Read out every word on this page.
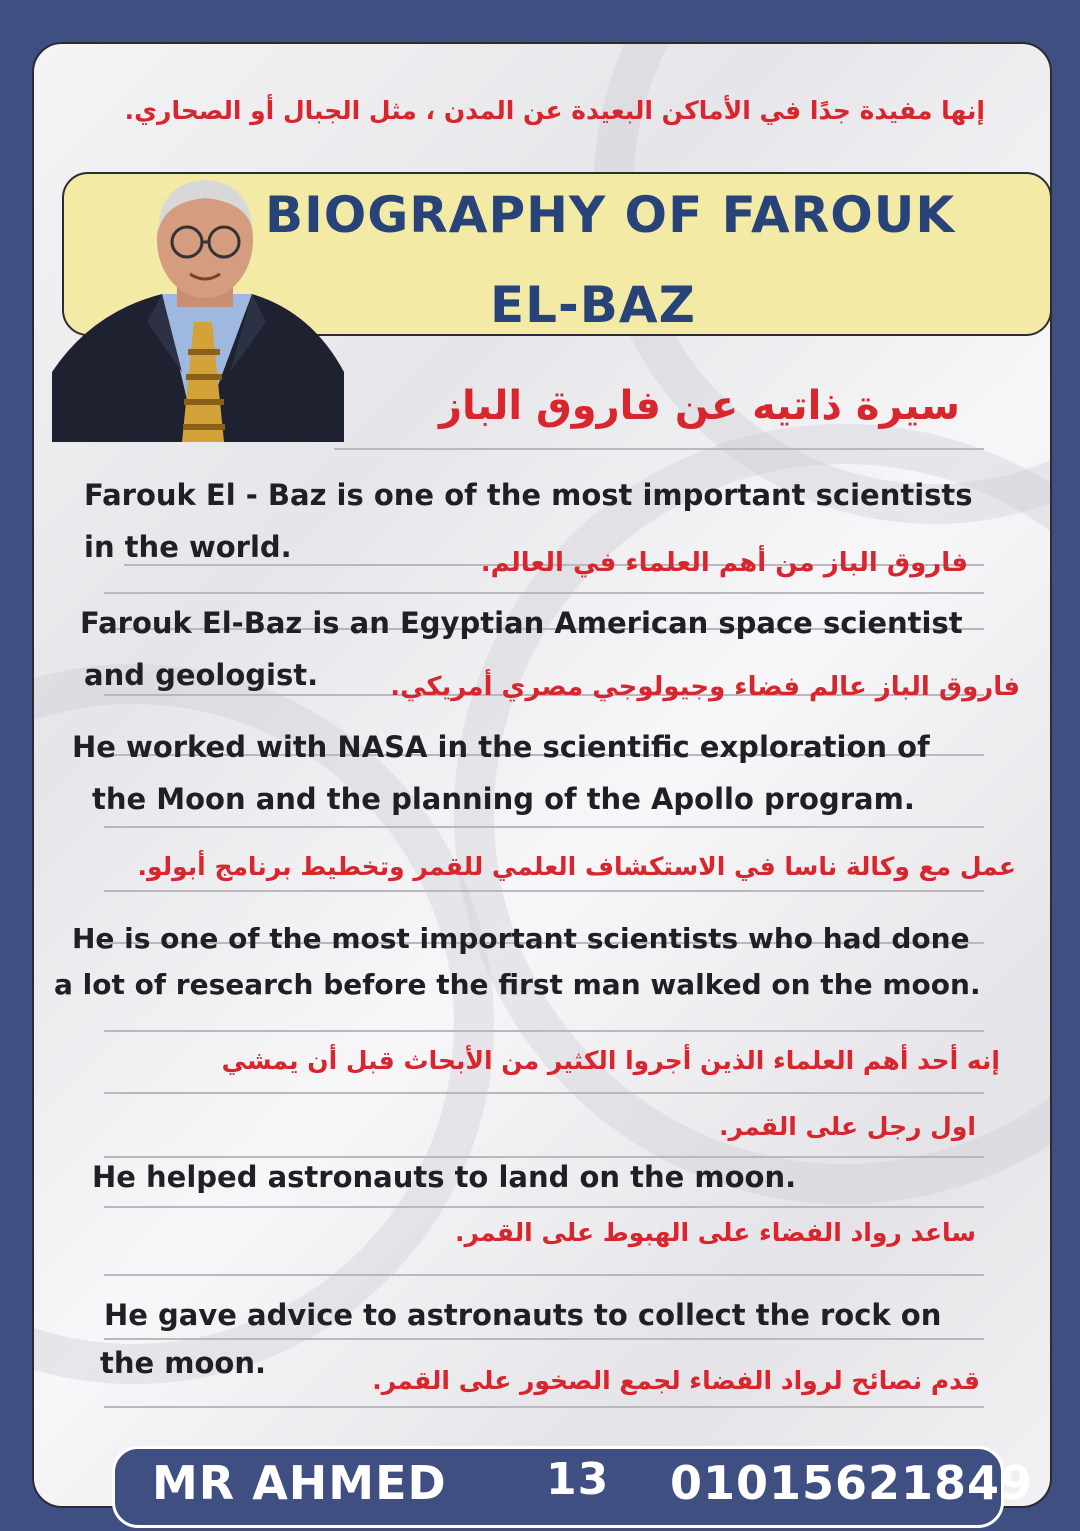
إنها مفيدة جدًا في الأماكن البعيدة عن المدن ، مثل الجبال أو الصحاري.
BIOGRAPHY OF FAROUK
EL-BAZ
سيرة ذاتيه عن فاروق الباز
Farouk El - Baz is one of the most important scientists
in the world.	فاروق الباز من أهم العلماء في العالم.
Farouk El-Baz is an Egyptian American space scientist
and geologist.	فاروق الباز عالم فضاء وجيولوجي مصري أمريكي.
He worked with NASA in the scientific exploration of
the Moon and the planning of the Apollo program.
عمل مع وكالة ناسا في الاستكشاف العلمي للقمر وتخطيط برنامج أبولو.
He is one of the most important scientists who had done
a lot of research before the first man walked on the moon.
إنه أحد أهم العلماء الذين أجروا الكثير من الأبحاث قبل أن يمشي
اول رجل على القمر.
He helped astronauts to land on the moon.
ساعد رواد الفضاء على الهبوط على القمر.
He gave advice to astronauts to collect the rock on
the moon.
قدم نصائح لرواد الفضاء لجمع الصخور على القمر.
MR AHMED 13 01015621849
